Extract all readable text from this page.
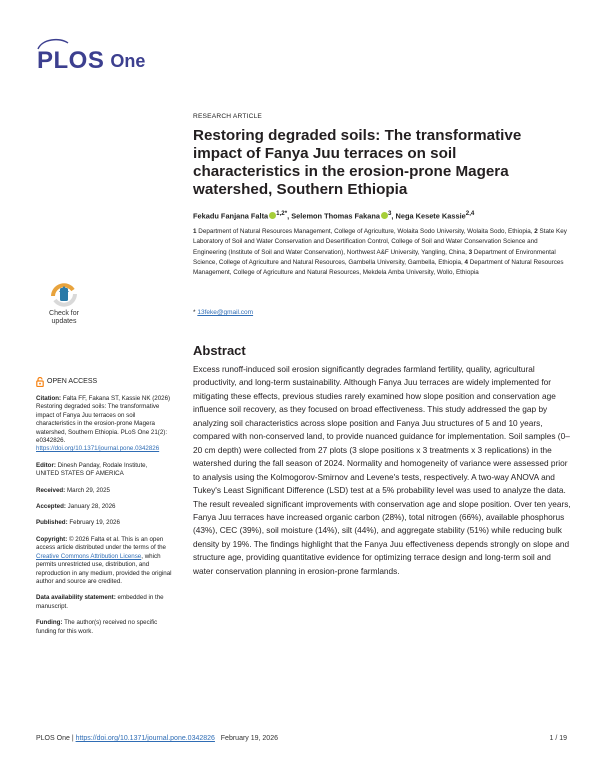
PLOS One
RESEARCH ARTICLE
Restoring degraded soils: The transformative impact of Fanya Juu terraces on soil characteristics in the erosion-prone Magera watershed, Southern Ethiopia
Fekadu Fanjana Falta $^{1,2*}$, Selemon Thomas Fakana $^3$, Nega Kesete Kassie$^{2,4}$
1 Department of Natural Resources Management, College of Agriculture, Wolaita Sodo University, Wolaita Sodo, Ethiopia, 2 State Key Laboratory of Soil and Water Conservation and Desertification Control, College of Soil and Water Conservation Science and Engineering (Institute of Soil and Water Conservation), Northwest A&F University, Yangling, China, 3 Department of Environmental Science, College of Agriculture and Natural Resources, Gambella University, Gambella, Ethiopia, 4 Department of Natural Resources Management, College of Agriculture and Natural Resources, Mekdela Amba University, Wollo, Ethiopia
* 13feke@gmail.com
Abstract

Excess runoff-induced soil erosion significantly degrades farmland fertility, quality, agricultural productivity, and long-term sustainability. Although Fanya Juu terraces are widely implemented for mitigating these effects, previous studies rarely examined how slope position and conservation age influence soil recovery, as they focused on broad effectiveness. This study addressed the gap by analyzing soil characteristics across slope position and Fanya Juu structures of 5 and 10 years, compared with non-conserved land, to provide nuanced guidance for implementation. Soil samples (0–20 cm depth) were collected from 27 plots (3 slope positions x 3 treatments x 3 replications) in the watershed during the fall season of 2024. Normality and homogeneity of variance were assessed prior to analysis using the Kolmogorov-Smirnov and Levene's tests, respectively. A two-way ANOVA and Tukey's Least Significant Difference (LSD) test at a 5% probability level was used to analyze the data. The result revealed significant improvements with conservation age and slope position. Over ten years, Fanya Juu terraces have increased organic carbon (28%), total nitrogen (66%), available phosphorus (43%), CEC (39%), soil moisture (14%), silt (44%), and aggregate stability (51%) while reducing bulk density by 19%. The findings highlight that the Fanya Juu effectiveness depends strongly on slope and structure age, providing quantitative evidence for optimizing terrace design and long-term soil and water conservation planning in erosion-prone farmlands.

Check for
updates
OPEN ACCESS

Citation: Falta FF, Fakana ST, Kassie NK (2026) Restoring degraded soils: The transformative impact of Fanya Juu terraces on soil characteristics in the erosion-prone Magera watershed, Southern Ethiopia. PLoS One 21(2): e0342826. https://doi.org/10.1371/journal.pone.0342826

Editor: Dinesh Panday, Rodale Institute, UNITED STATES OF AMERICA

Received: March 29, 2025

Accepted: January 28, 2026

Published: February 19, 2026

Copyright: © 2026 Falta et al. This is an open access article distributed under the terms of the Creative Commons Attribution License, which permits unrestricted use, distribution, and reproduction in any medium, provided the original author and source are credited.

Data availability statement: embedded in the manuscript.

Funding: The author(s) received no specific funding for this work.

PLOS One | https://doi.org/10.1371/journal.pone.0342826 February 19, 2026	1 / 19
